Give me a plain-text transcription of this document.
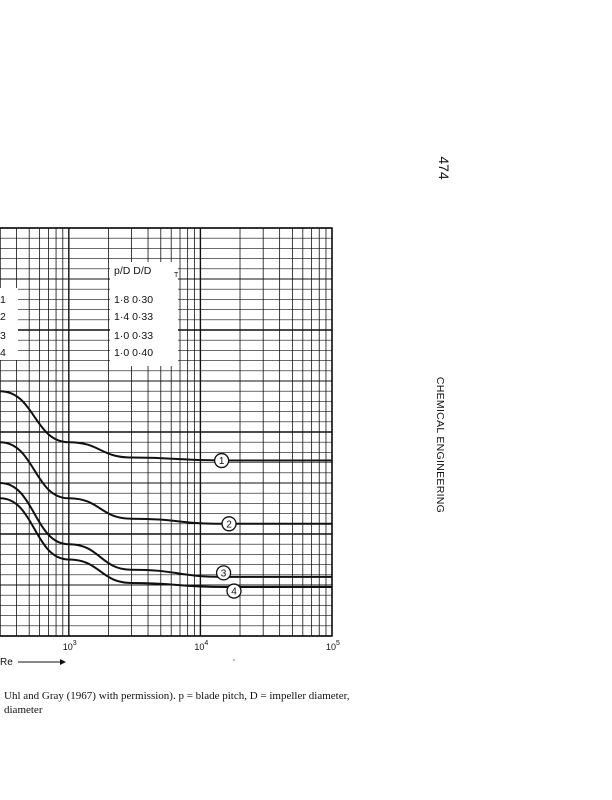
474
CHEMICAL ENGINEERING
10 3	10 4	10 5
Re
1
2
3
4
p/D D/D	T
1	1·8 0·30
2	1·4 0·33
3	1·0 0·33
4	1·0 0·40
Uhl and Gray (1967) with permission). p = blade pitch, D = impeller diameter,
diameter
